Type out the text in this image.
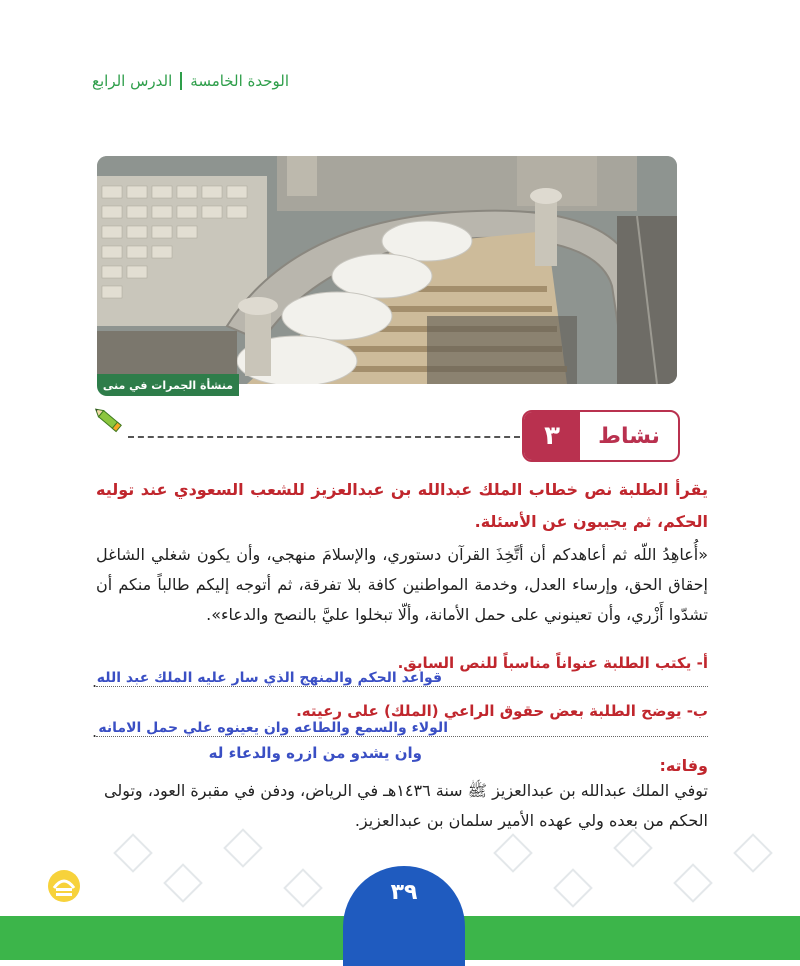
الوحدة الخامسة
الدرس الرابع
منشأة الجمرات في منى
نشاط
٣
يقرأ الطلبة نص خطاب الملك عبدالله بن عبدالعزيز للشعب السعودي عند توليه الحكم، ثم يجيبون عن الأسئلة.
«أُعاهِدُ اللّه ثم أعاهدكم أن أتَّخِذَ القرآن دستوري، والإسلامَ منهجي، وأن يكون شغلي الشاغل إحقاق الحق، وإرساء العدل، وخدمة المواطنين كافة بلا تفرقة، ثم أتوجه إليكم طالباً منكم أن تشدّوا أَزْري، وأن تعينوني على حمل الأمانة، وألّا تبخلوا عليَّ بالنصح والدعاء».
أ- يكتب الطلبة عنواناً مناسباً للنص السابق.
قواعد الحكم والمنهج الذي سار عليه الملك عبد الله
.
ب- يوضح الطلبة بعض حقوق الراعي (الملك) على رعيته.
الولاء والسمع والطاعه وان يعينوه علي حمل الامانه
.
وان يشدو من ازره والدعاء له
وفاته:
توفي الملك عبدالله بن عبدالعزيز ﷺ سنة ١٤٣٦هـ في الرياض، ودفن في مقبرة العود، وتولى الحكم من بعده ولي عهده الأمير سلمان بن عبدالعزيز.
٣٩
